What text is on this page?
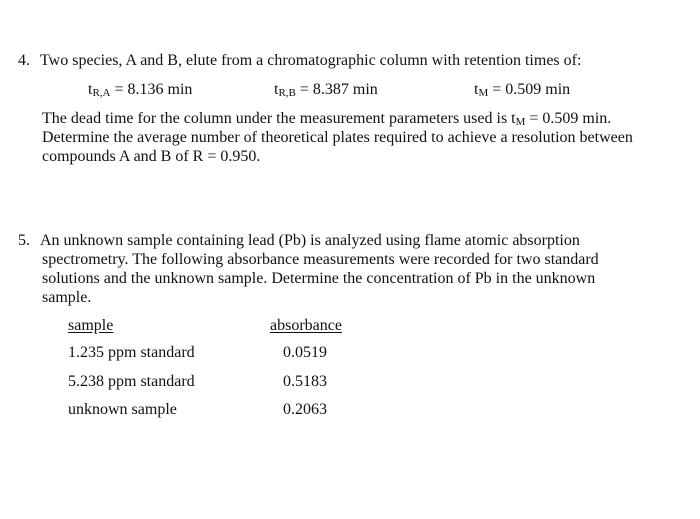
4. Two species, A and B, elute from a chromatographic column with retention times of:
$t_{R,A} = 8.136$ min	$t_{R,B} = 8.387$ min	$t_M = 0.509$ min
The dead time for the column under the measurement parameters used is $t_M = 0.509$ min.
Determine the average number of theoretical plates required to achieve a resolution between
compounds A and B of R = 0.950.
5. An unknown sample containing lead (Pb) is analyzed using flame atomic absorption
spectrometry. The following absorbance measurements were recorded for two standard
solutions and the unknown sample. Determine the concentration of Pb in the unknown
sample.
sample	absorbance
1.235 ppm standard	0.0519
5.238 ppm standard	0.5183
unknown sample	0.2063
